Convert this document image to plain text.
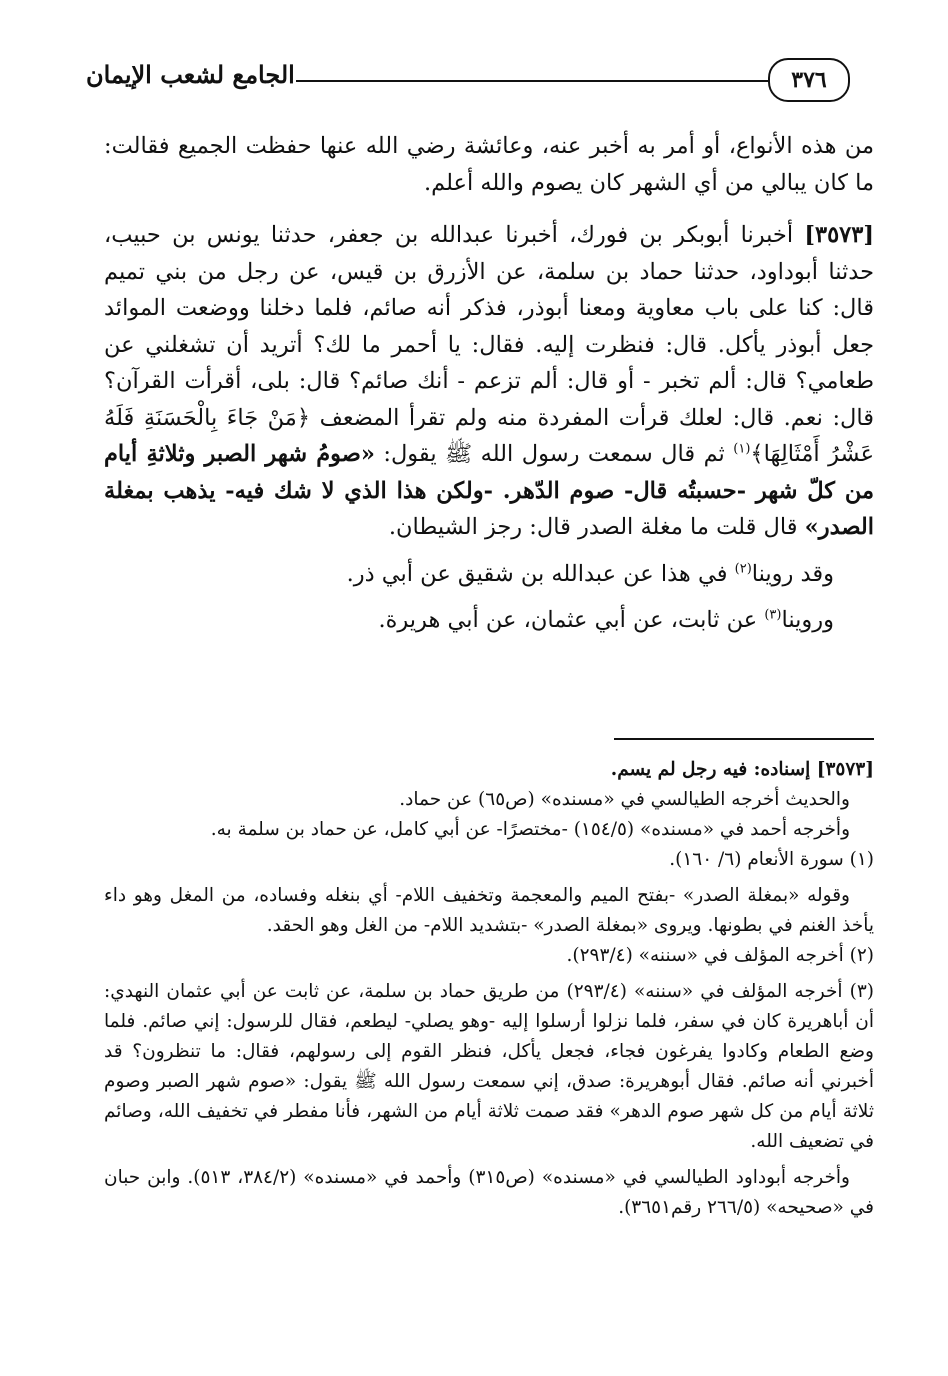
٣٧٦
الجامع لشعب الإيمان

من هذه الأنواع، أو أمر به أخبر عنه، وعائشة رضي الله عنها حفظت الجميع فقالت: ما كان يبالي من أي الشهر كان يصوم والله أعلم.

[٣٥٧٣] أخبرنا أبوبكر بن فورك، أخبرنا عبدالله بن جعفر، حدثنا يونس بن حبيب، حدثنا أبوداود، حدثنا حماد بن سلمة، عن الأزرق بن قيس، عن رجل من بني تميم قال: كنا على باب معاوية ومعنا أبوذر، فذكر أنه صائم، فلما دخلنا ووضعت الموائد جعل أبوذر يأكل. قال: فنظرت إليه. فقال: يا أحمر ما لك؟ أتريد أن تشغلني عن طعامي؟ قال: ألم تخبر - أو قال: ألم تزعم - أنك صائم؟ قال: بلى، أقرأت القرآن؟ قال: نعم. قال: لعلك قرأت المفردة منه ولم تقرأ المضعف ﴿مَنْ جَاءَ بِالْحَسَنَةِ فَلَهُ عَشْرُ أَمْثَالِهَا﴾$^{(١)}$ ثم قال سمعت رسول الله ﷺ يقول: «صومُ شهر الصبر وثلاثةِ أيام من كلّ شهر -حسبتُه قال- صوم الدّهر. -ولكن هذا الذي لا شك فيه- يذهب بمغلة الصدر» قال قلت ما مغلة الصدر قال: رجز الشيطان.

وقد روينا$^{(٢)}$ في هذا عن عبدالله بن شقيق عن أبي ذر.

وروينا$^{(٣)}$ عن ثابت، عن أبي عثمان، عن أبي هريرة.

[٣٥٧٣] إسناده: فيه رجل لم يسم.

والحديث أخرجه الطيالسي في «مسنده» (ص٦٥) عن حماد.

وأخرجه أحمد في «مسنده» (١٥٤/٥) -مختصرًا- عن أبي كامل، عن حماد بن سلمة به.

(١) سورة الأنعام (٦/ ١٦٠).

وقوله «بمغلة الصدر» -بفتح الميم والمعجمة وتخفيف اللام- أي بنغله وفساده، من المغل وهو داء يأخذ الغنم في بطونها. ويروى «بمغلة الصدر» -بتشديد اللام- من الغل وهو الحقد.

(٢) أخرجه المؤلف في «سننه» (٢٩٣/٤).

(٣) أخرجه المؤلف في «سننه» (٢٩٣/٤) من طريق حماد بن سلمة، عن ثابت عن أبي عثمان النهدي: أن أباهريرة كان في سفر، فلما نزلوا أرسلوا إليه -وهو يصلي- ليطعم، فقال للرسول: إني صائم. فلما وضع الطعام وكادوا يفرغون فجاء، فجعل يأكل، فنظر القوم إلى رسولهم، فقال: ما تنظرون؟ قد أخبرني أنه صائم. فقال أبوهريرة: صدق، إني سمعت رسول الله ﷺ يقول: «صوم شهر الصبر وصوم ثلاثة أيام من كل شهر صوم الدهر» فقد صمت ثلاثة أيام من الشهر، فأنا مفطر في تخفيف الله، وصائم في تضعيف الله.

وأخرجه أبوداود الطيالسي في «مسنده» (ص٣١٥) وأحمد في «مسنده» (٣٨٤/٢، ٥١٣). وابن حبان في «صحيحه» (٢٦٦/٥ رقم٣٦٥١).
